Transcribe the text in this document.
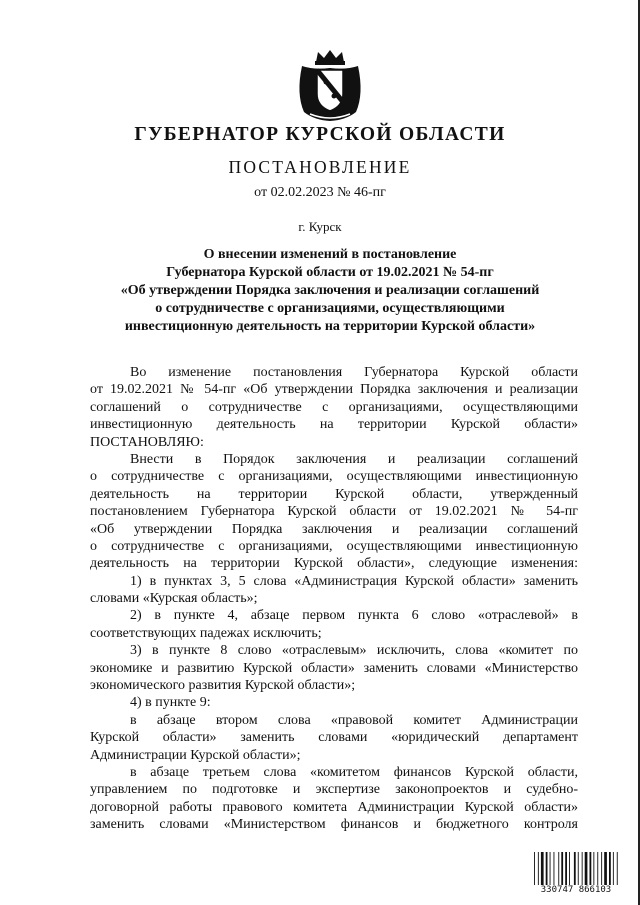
ГУБЕРНАТОР КУРСКОЙ ОБЛАСТИ
ПОСТАНОВЛЕНИЕ
от 02.02.2023 № 46-пг
г. Курск
О внесении изменений в постановление
Губернатора Курской области от 19.02.2021 № 54-пг
«Об утверждении Порядка заключения и реализации соглашений
о сотрудничестве с организациями, осуществляющими
инвестиционную деятельность на территории Курской области»
Во изменение постановления Губернатора Курской области
от 19.02.2021 № 54-пг «Об утверждении Порядка заключения и реализации
соглашений о сотрудничестве с организациями, осуществляющими
инвестиционную деятельность на территории Курской области»
ПОСТАНОВЛЯЮ:
Внести в Порядок заключения и реализации соглашений
о сотрудничестве с организациями, осуществляющими инвестиционную
деятельность на территории Курской области, утвержденный
постановлением Губернатора Курской области от 19.02.2021 № 54-пг
«Об утверждении Порядка заключения и реализации соглашений
о сотрудничестве с организациями, осуществляющими инвестиционную
деятельность на территории Курской области», следующие изменения:
1) в пунктах 3, 5 слова «Администрация Курской области» заменить
словами «Курская область»;
2) в пункте 4, абзаце первом пункта 6 слово «отраслевой» в
соответствующих падежах исключить;
3) в пункте 8 слово «отраслевым» исключить, слова «комитет по
экономике и развитию Курской области» заменить словами «Министерство
экономического развития Курской области»;
4) в пункте 9:
в абзаце втором слова «правовой комитет Администрации
Курской области» заменить словами «юридический департамент
Администрации Курской области»;
в абзаце третьем слова «комитетом финансов Курской области,
управлением по подготовке и экспертизе законопроектов и судебно-
договорной работы правового комитета Администрации Курской области»
заменить словами «Министерством финансов и бюджетного контроля
330747 866103
